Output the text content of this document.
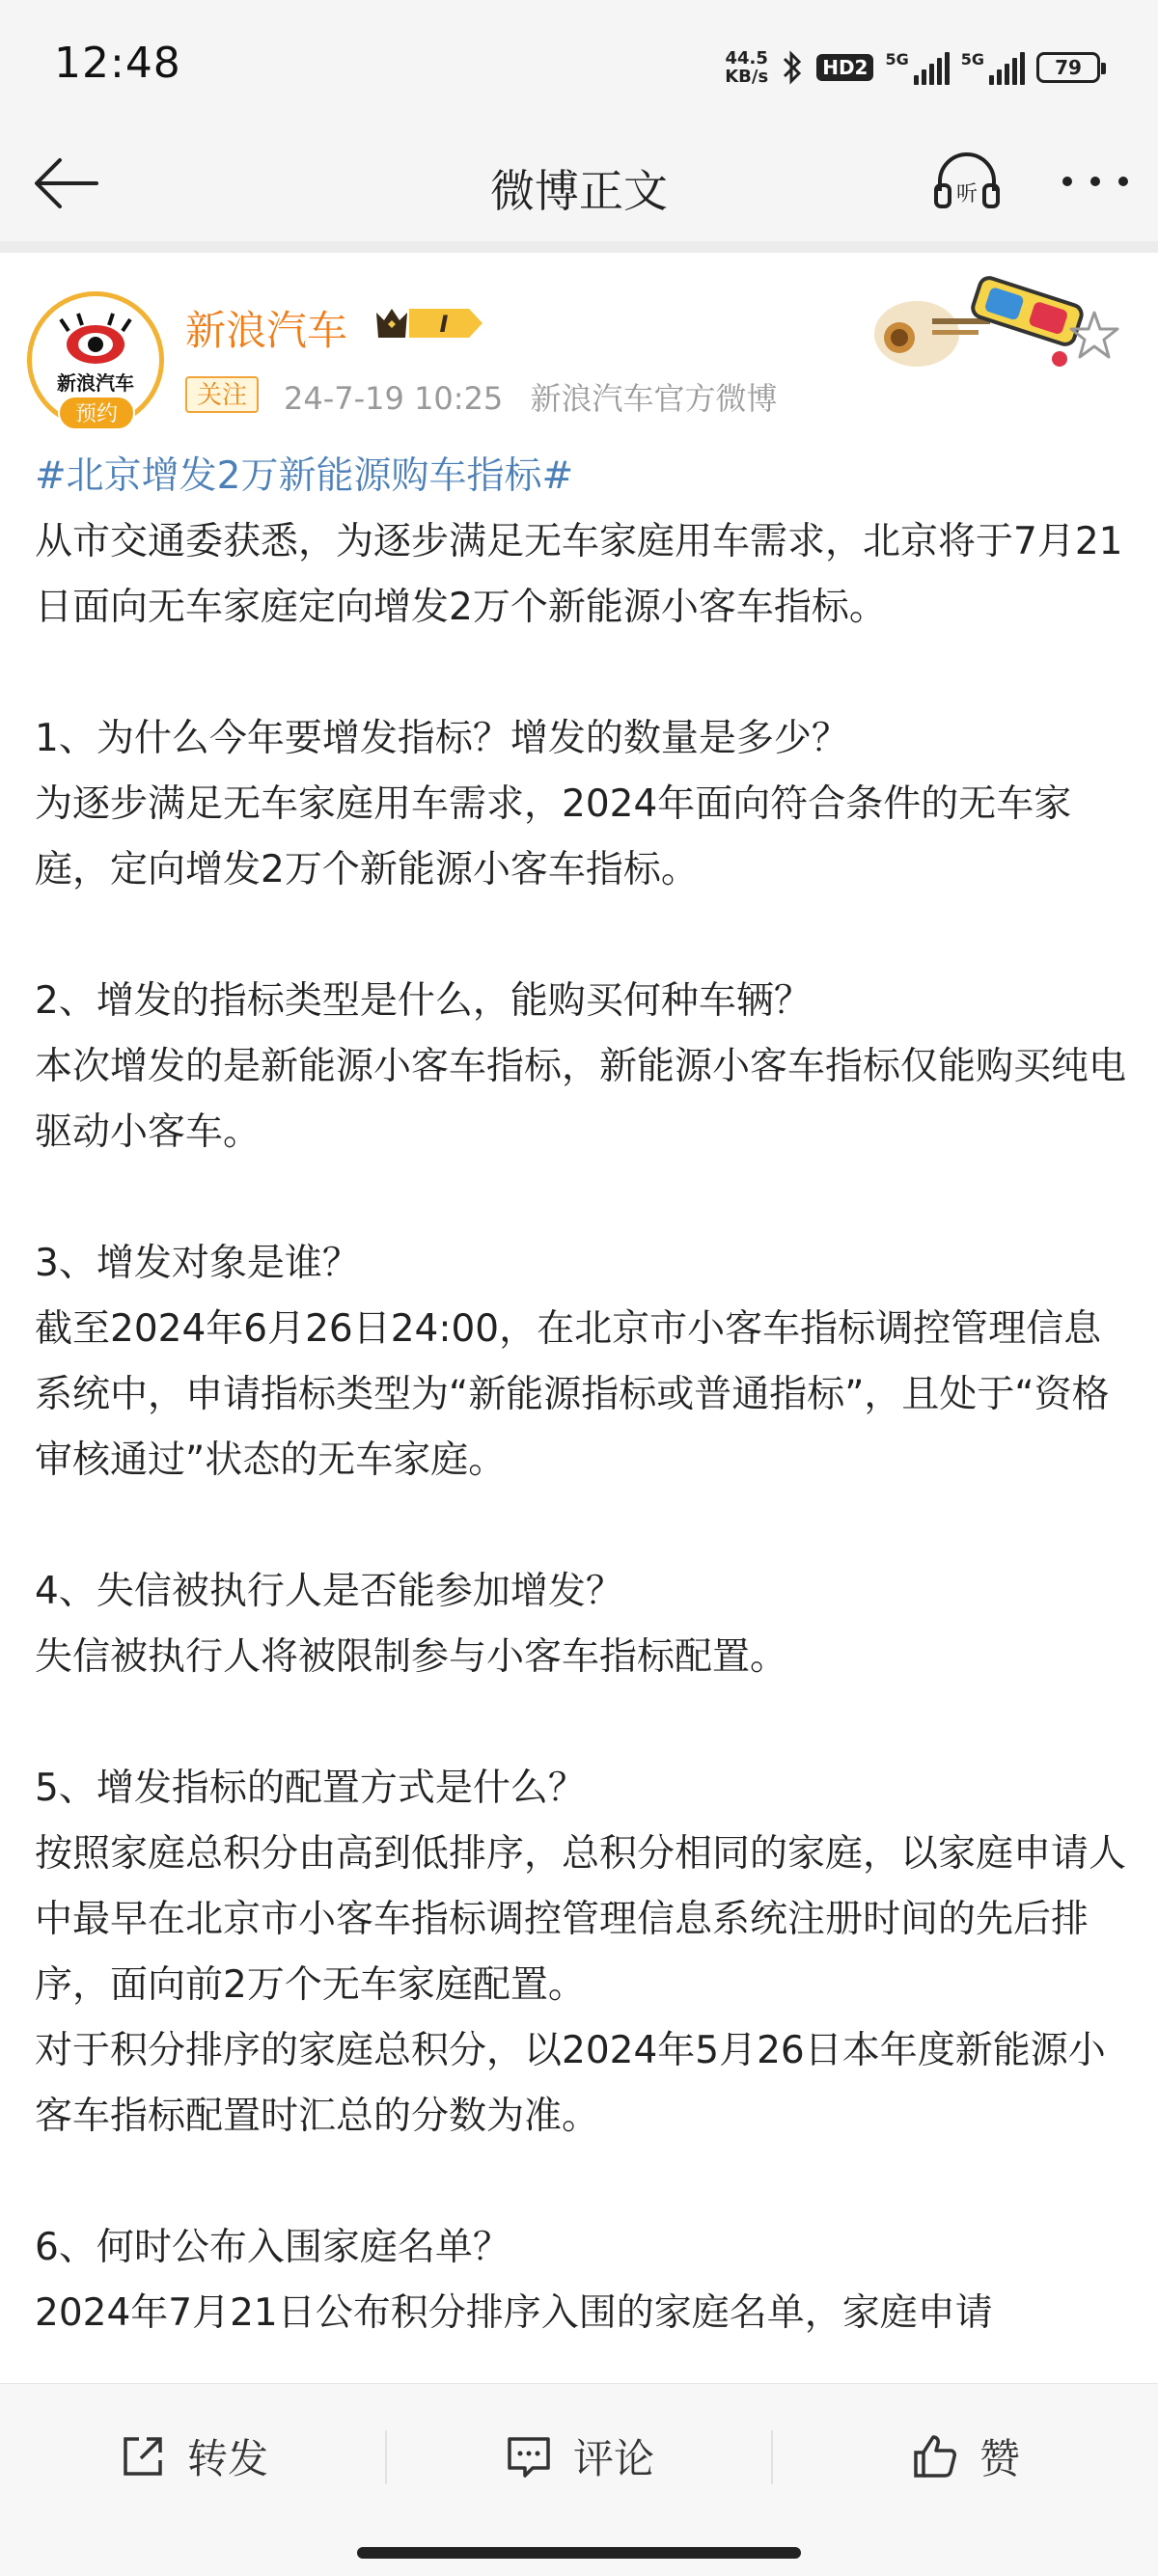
12:48	44.5
KB/s	HD2	5G	5G	79
微博正文	听
新浪汽车
预约
新浪汽车	I
关注	24-7-19 10:25 新浪汽车官方微博

#北京增发2万新能源购车指标#

从市交通委获悉，为逐步满足无车家庭用车需求，北京将于7月21日面向无车家庭定向增发2万个新能源小客车指标。

1、为什么今年要增发指标？增发的数量是多少？

为逐步满足无车家庭用车需求，2024年面向符合条件的无车家庭，定向增发2万个新能源小客车指标。

2、增发的指标类型是什么，能购买何种车辆？

本次增发的是新能源小客车指标，新能源小客车指标仅能购买纯电驱动小客车。

3、增发对象是谁？

截至2024年6月26日24:00，在北京市小客车指标调控管理信息系统中，申请指标类型为“新能源指标或普通指标”，且处于“资格审核通过”状态的无车家庭。

4、失信被执行人是否能参加增发？

失信被执行人将被限制参与小客车指标配置。

5、增发指标的配置方式是什么？

按照家庭总积分由高到低排序，总积分相同的家庭，以家庭申请人中最早在北京市小客车指标调控管理信息系统注册时间的先后排序，面向前2万个无车家庭配置。

对于积分排序的家庭总积分，以2024年5月26日本年度新能源小客车指标配置时汇总的分数为准。

6、何时公布入围家庭名单？

2024年7月21日公布积分排序入围的家庭名单，家庭申请

转发	评论	赞
